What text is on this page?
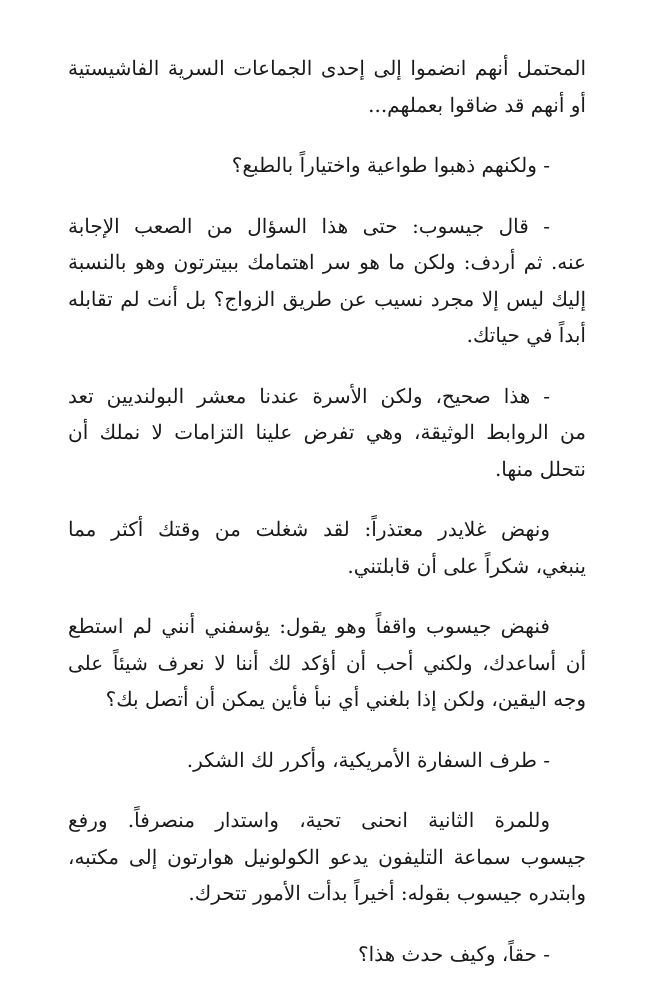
المحتمل أنهم انضموا إلى إحدى الجماعات السرية الفاشيستية
أو أنهم قد ضاقوا بعملهم...

- ولكنهم ذهبوا طواعية واختياراً بالطبع؟

- قال جيسوب: حتى هذا السؤال من الصعب الإجابة
عنه. ثم أردف: ولكن ما هو سر اهتمامك ببيترتون وهو بالنسبة
إليك ليس إلا مجرد نسيب عن طريق الزواج؟ بل أنت لم تقابله
أبداً في حياتك.

- هذا صحيح، ولكن الأسرة عندنا معشر البولنديين تعد
من الروابط الوثيقة، وهي تفرض علينا التزامات لا نملك أن
نتحلل منها.

ونهض غلايدر معتذراً: لقد شغلت من وقتك أكثر مما
ينبغي، شكراً على أن قابلتني.

فنهض جيسوب واقفاً وهو يقول: يؤسفني أنني لم استطع
أن أساعدك، ولكني أحب أن أؤكد لك أننا لا نعرف شيئاً على
وجه اليقين، ولكن إذا بلغني أي نبأ فأين يمكن أن أتصل بك؟

- طرف السفارة الأمريكية، وأكرر لك الشكر.

وللمرة الثانية انحنى تحية، واستدار منصرفاً. ورفع
جيسوب سماعة التليفون يدعو الكولونيل هوارتون إلى مكتبه،
وابتدره جيسوب بقوله: أخيراً بدأت الأمور تتحرك.

- حقاً، وكيف حدث هذا؟
